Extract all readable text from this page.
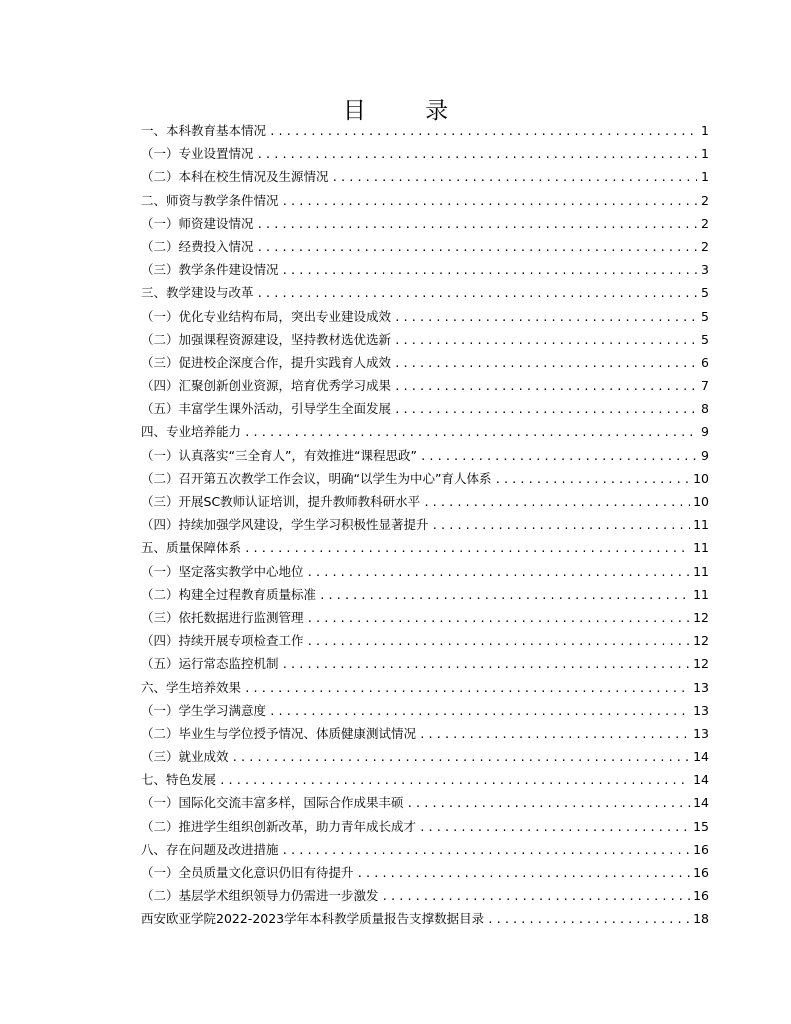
目 录
一、 本科教育基本情况 .....	1
（一） 专业设置情况 .....	1
（二） 本科在校生情况及生源情况 .....	1
二、 师资与教学条件情况 .....	2
（一） 师资建设情况 .....	2
（二） 经费投入情况 .....	2
（三） 教学条件建设情况 .....	3
三、 教学建设与改革 .....	5
（一） 优化专业结构布局，突出专业建设成效 .....	5
（二） 加强课程资源建设，坚持教材选优选新 .....	5
（三） 促进校企深度合作，提升实践育人成效 .....	6
（四） 汇聚创新创业资源，培育优秀学习成果 .....	7
（五） 丰富学生课外活动，引导学生全面发展 .....	8
四、 专业培养能力 .....	9
（一） 认真落实“三全育人”，有效推进“课程思政” .....	9
（二） 召开第五次教学工作会议，明确“以学生为中心”育人体系 .....	10
（三） 开展SC教师认证培训，提升教师教科研水平 .....	10
（四） 持续加强学风建设，学生学习积极性显著提升 .....	11
五、 质量保障体系 .....	11
（一） 坚定落实教学中心地位 .....	11
（二） 构建全过程教育质量标准 .....	11
（三） 依托数据进行监测管理 .....	12
（四） 持续开展专项检查工作 .....	12
（五） 运行常态监控机制 .....	12
六、 学生培养效果 .....	13
（一） 学生学习满意度 .....	13
（二） 毕业生与学位授予情况、体质健康测试情况 .....	13
（三） 就业成效 .....	14
七、 特色发展 .....	14
（一） 国际化交流丰富多样，国际合作成果丰硕 .....	14
（二） 推进学生组织创新改革，助力青年成长成才 .....	15
八、 存在问题及改进措施 .....	16
（一） 全员质量文化意识仍旧有待提升 .....	16
（二） 基层学术组织领导力仍需进一步激发 .....	16
西安欧亚学院2022-2023学年本科教学质量报告支撑数据目录 .....	18
